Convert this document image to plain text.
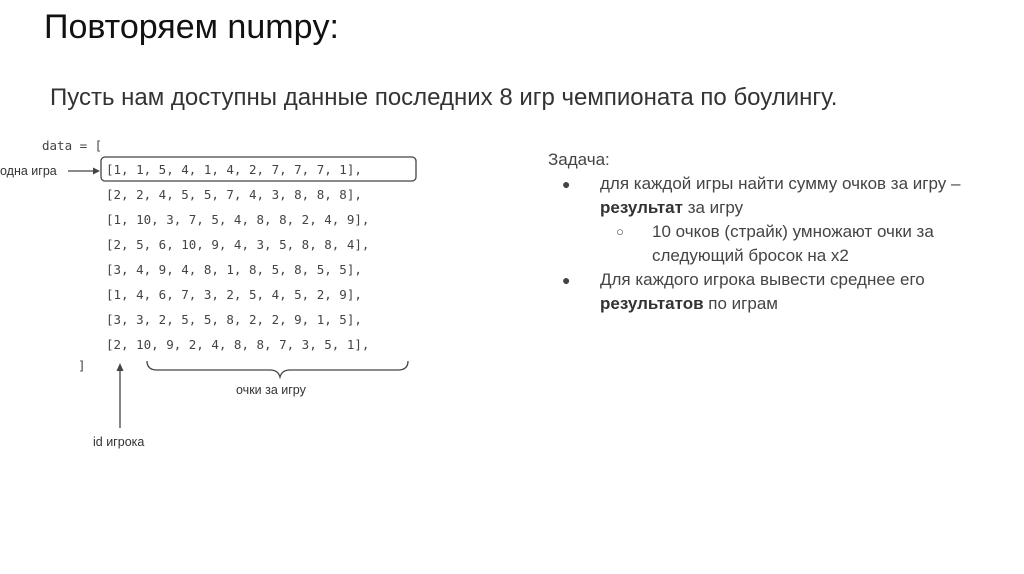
Повторяем numpy:
Пусть нам доступны данные последних 8 игр чемпионата по боулингу.
data = [
[1, 1, 5, 4, 1, 4, 2, 7, 7, 7, 1],
[2, 2, 4, 5, 5, 7, 4, 3, 8, 8, 8],
[1, 10, 3, 7, 5, 4, 8, 8, 2, 4, 9],
[2, 5, 6, 10, 9, 4, 3, 5, 8, 8, 4],
[3, 4, 9, 4, 8, 1, 8, 5, 8, 5, 5],
[1, 4, 6, 7, 3, 2, 5, 4, 5, 2, 9],
[3, 3, 2, 5, 5, 8, 2, 2, 9, 1, 5],
[2, 10, 9, 2, 4, 8, 8, 7, 3, 5, 1],
]
одна игра
очки за игру
id игрока
Задача:
● для каждой игры найти сумму очков за игру – результат за игру
○ 10 очков (страйк) умножают очки за следующий бросок на x2
● Для каждого игрока вывести среднее его результатов по играм
